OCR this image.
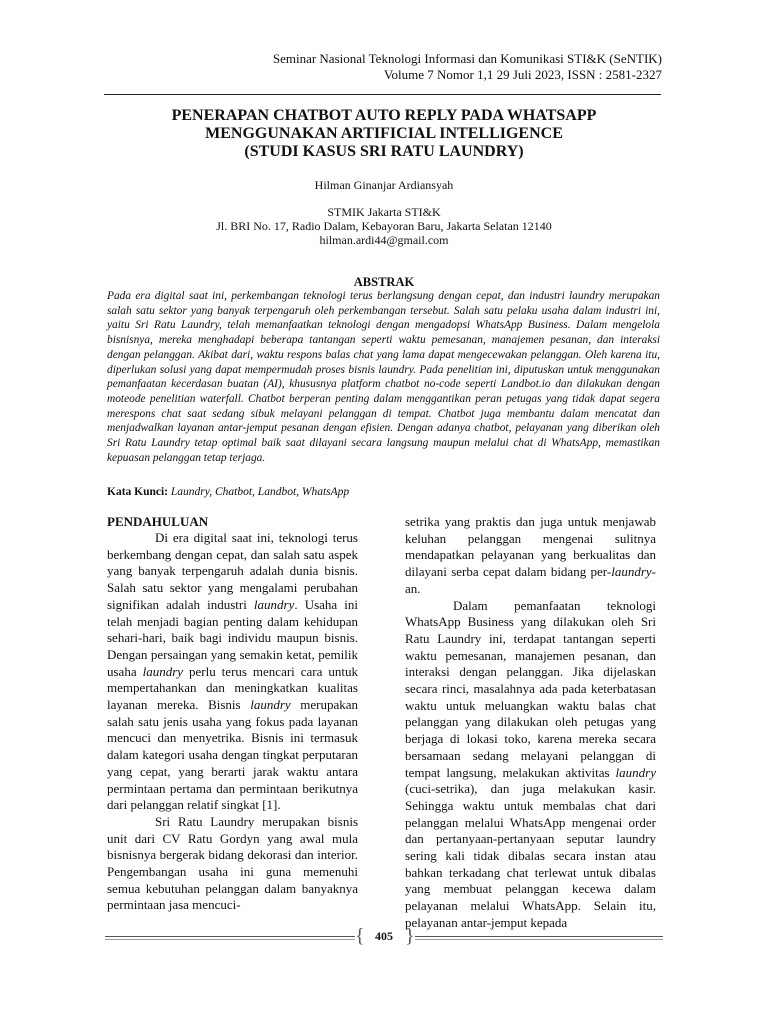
Seminar Nasional Teknologi Informasi dan Komunikasi STI&K (SeNTIK)
Volume 7 Nomor 1,1 29 Juli 2023, ISSN : 2581-2327
PENERAPAN CHATBOT AUTO REPLY PADA WHATSAPP
MENGGUNAKAN ARTIFICIAL INTELLIGENCE
(STUDI KASUS SRI RATU LAUNDRY)
Hilman Ginanjar Ardiansyah
STMIK Jakarta STI&K
Jl. BRI No. 17, Radio Dalam, Kebayoran Baru, Jakarta Selatan 12140
hilman.ardi44@gmail.com
ABSTRAK
Pada era digital saat ini, perkembangan teknologi terus berlangsung dengan cepat, dan industri laundry merupakan salah satu sektor yang banyak terpengaruh oleh perkembangan tersebut. Salah satu pelaku usaha dalam industri ini, yaitu Sri Ratu Laundry, telah memanfaatkan teknologi dengan mengadopsi WhatsApp Business. Dalam mengelola bisnisnya, mereka menghadapi beberapa tantangan seperti waktu pemesanan, manajemen pesanan, dan interaksi dengan pelanggan. Akibat dari, waktu respons balas chat yang lama dapat mengecewakan pelanggan. Oleh karena itu, diperlukan solusi yang dapat mempermudah proses bisnis laundry. Pada penelitian ini, diputuskan untuk menggunakan pemanfaatan kecerdasan buatan (AI), khususnya platform chatbot no-code seperti Landbot.io dan dilakukan dengan moteode penelitian waterfall. Chatbot berperan penting dalam menggantikan peran petugas yang tidak dapat segera merespons chat saat sedang sibuk melayani pelanggan di tempat. Chatbot juga membantu dalam mencatat dan menjadwalkan layanan antar-jemput pesanan dengan efisien. Dengan adanya chatbot, pelayanan yang diberikan oleh Sri Ratu Laundry tetap optimal baik saat dilayani secara langsung maupun melalui chat di WhatsApp, memastikan kepuasan pelanggan tetap terjaga.
Kata Kunci: Laundry, Chatbot, Landbot, WhatsApp
PENDAHULUAN

Di era digital saat ini, teknologi terus berkembang dengan cepat, dan salah satu aspek yang banyak terpengaruh adalah dunia bisnis. Salah satu sektor yang mengalami perubahan signifikan adalah industri laundry. Usaha ini telah menjadi bagian penting dalam kehidupan sehari-hari, baik bagi individu maupun bisnis. Dengan persaingan yang semakin ketat, pemilik usaha laundry perlu terus mencari cara untuk mempertahankan dan meningkatkan kualitas layanan mereka. Bisnis laundry merupakan salah satu jenis usaha yang fokus pada layanan mencuci dan menyetrika. Bisnis ini termasuk dalam kategori usaha dengan tingkat perputaran yang cepat, yang berarti jarak waktu antara permintaan pertama dan permintaan berikutnya dari pelanggan relatif singkat [1].

Sri Ratu Laundry merupakan bisnis unit dari CV Ratu Gordyn yang awal mula bisnisnya bergerak bidang dekorasi dan interior. Pengembangan usaha ini guna memenuhi semua kebutuhan pelanggan dalam banyaknya permintaan jasa mencuci-

setrika yang praktis dan juga untuk menjawab keluhan pelanggan mengenai sulitnya mendapatkan pelayanan yang berkualitas dan dilayani serba cepat dalam bidang per-laundry-an.

Dalam pemanfaatan teknologi WhatsApp Business yang dilakukan oleh Sri Ratu Laundry ini, terdapat tantangan seperti waktu pemesanan, manajemen pesanan, dan interaksi dengan pelanggan. Jika dijelaskan secara rinci, masalahnya ada pada keterbatasan waktu untuk meluangkan waktu balas chat pelanggan yang dilakukan oleh petugas yang berjaga di lokasi toko, karena mereka secara bersamaan sedang melayani pelanggan di tempat langsung, melakukan aktivitas laundry (cuci-setrika), dan juga melakukan kasir. Sehingga waktu untuk membalas chat dari pelanggan melalui WhatsApp mengenai order dan pertanyaan-pertanyaan seputar laundry sering kali tidak dibalas secara instan atau bahkan terkadang chat terlewat untuk dibalas yang membuat pelanggan kecewa dalam pelayanan melalui WhatsApp. Selain itu, pelayanan antar-jemput kepada

{ 405 }
